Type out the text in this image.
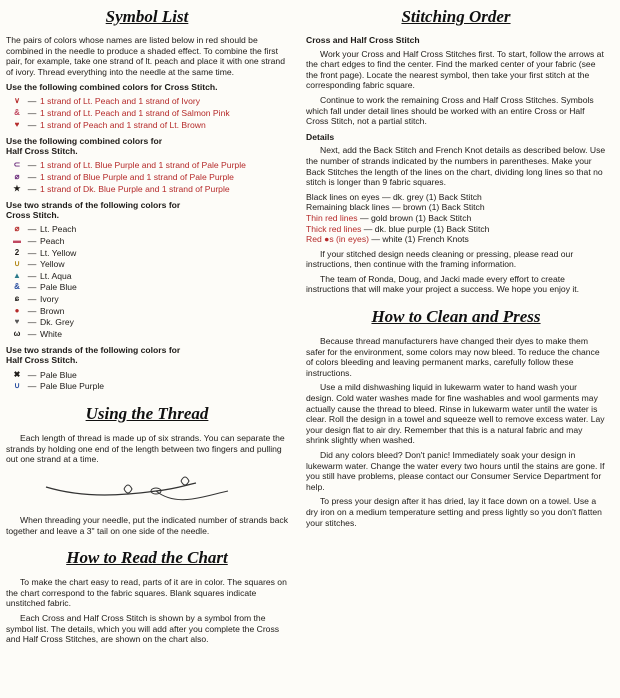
Symbol List

The pairs of colors whose names are listed below in red should be combined in the needle to produce a shaded effect. To combine the first pair, for example, take one strand of lt. peach and place it with one strand of ivory. Thread everything into the needle at the same time.

Use the following combined colors for Cross Stitch.
∨ — 1 strand of Lt. Peach and 1 strand of Ivory
& — 1 strand of Lt. Peach and 1 strand of Salmon Pink
♥ — 1 strand of Peach and 1 strand of Lt. Brown
Use the following combined colors for
Half Cross Stitch.
⊂ — 1 strand of Lt. Blue Purple and 1 strand of Pale Purple
⌀ — 1 strand of Blue Purple and 1 strand of Pale Purple
★ — 1 strand of Dk. Blue Purple and 1 strand of Purple
Use two strands of the following colors for
Cross Stitch.
⌀ — Lt. Peach
▬ — Peach
2 — Lt. Yellow
∪ — Yellow
▲ — Lt. Aqua
& — Pale Blue
ɕ — Ivory
● — Brown
♥ — Dk. Grey
ω — White
Use two strands of the following colors for
Half Cross Stitch.
✖ — Pale Blue
∪ — Pale Blue Purple
Using the Thread

Each length of thread is made up of six strands. You can separate the strands by holding one end of the length between two fingers and pulling out one strand at a time.

When threading your needle, put the indicated number of strands back together and leave a 3" tail on one side of the needle.

How to Read the Chart

To make the chart easy to read, parts of it are in color. The squares on the chart correspond to the fabric squares. Blank squares indicate unstitched fabric.

Each Cross and Half Cross Stitch is shown by a symbol from the symbol list. The details, which you will add after you complete the Cross and Half Cross Stitches, are shown on the chart also.

Stitching Order
Cross and Half Cross Stitch

Work your Cross and Half Cross Stitches first. To start, follow the arrows at the chart edges to find the center. Find the marked center of your fabric (see the front page). Locate the nearest symbol, then take your first stitch at the corresponding fabric square.

Continue to work the remaining Cross and Half Cross Stitches. Symbols which fall under detail lines should be worked with an entire Cross or Half Cross Stitch, not a partial stitch.

Details

Next, add the Back Stitch and French Knot details as described below. Use the number of strands indicated by the numbers in parentheses. Make your Back Stitches the length of the lines on the chart, dividing long lines so that no stitch is longer than 9 fabric squares.

Black lines on eyes — dk. grey (1) Back Stitch
Remaining black lines — brown (1) Back Stitch
Thin red lines — gold brown (1) Back Stitch
Thick red lines — dk. blue purple (1) Back Stitch
Red ●s (in eyes) — white (1) French Knots

If your stitched design needs cleaning or pressing, please read our instructions, then continue with the framing information.

The team of Ronda, Doug, and Jacki made every effort to create instructions that will make your project a success. We hope you enjoy it.

How to Clean and Press

Because thread manufacturers have changed their dyes to make them safer for the environment, some colors may now bleed. To reduce the chance of colors bleeding and leaving permanent marks, carefully follow these instructions.

Use a mild dishwashing liquid in lukewarm water to hand wash your design. Cold water washes made for fine washables and wool garments may actually cause the thread to bleed. Rinse in lukewarm water until the water is clear. Roll the design in a towel and squeeze well to remove excess water. Lay your design flat to air dry. Remember that this is a natural fabric and may shrink slightly when washed.

Did any colors bleed? Don't panic! Immediately soak your design in lukewarm water. Change the water every two hours until the stains are gone. If you still have problems, please contact our Consumer Service Department for help.

To press your design after it has dried, lay it face down on a towel. Use a dry iron on a medium temperature setting and press lightly so you don't flatten your stitches.
